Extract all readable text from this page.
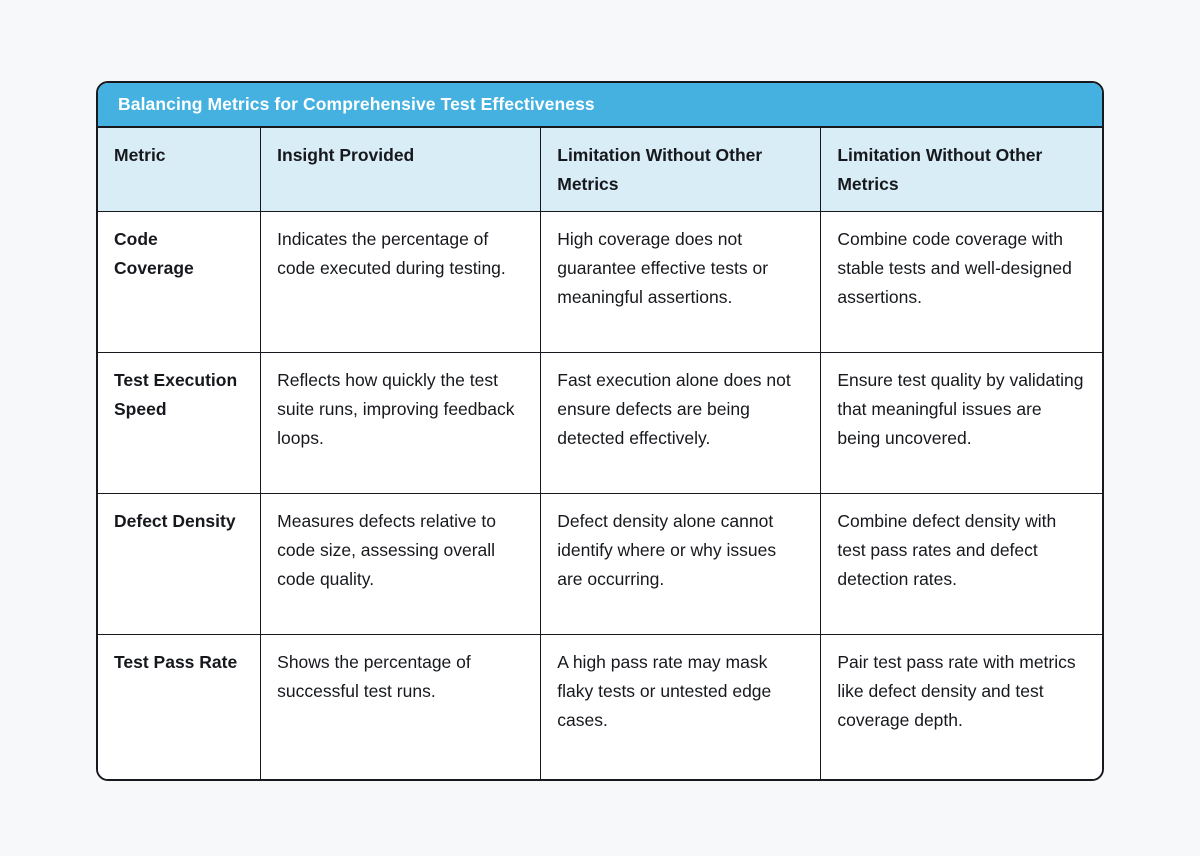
Balancing Metrics for Comprehensive Test Effectiveness
Metric	Insight Provided	Limitation Without Other Metrics	Limitation Without Other Metrics
Code Coverage	Indicates the percentage of code executed during testing.	High coverage does not guarantee effective tests or meaningful assertions.	Combine code coverage with stable tests and well-designed assertions.
Test Execution Speed	Reflects how quickly the test suite runs, improving feedback loops.	Fast execution alone does not ensure defects are being detected effectively.	Ensure test quality by validating that meaningful issues are being uncovered.
Defect Density	Measures defects relative to code size, assessing overall code quality.	Defect density alone cannot identify where or why issues are occurring.	Combine defect density with test pass rates and defect detection rates.
Test Pass Rate	Shows the percentage of successful test runs.	A high pass rate may mask flaky tests or untested edge cases.	Pair test pass rate with metrics like defect density and test coverage depth.
